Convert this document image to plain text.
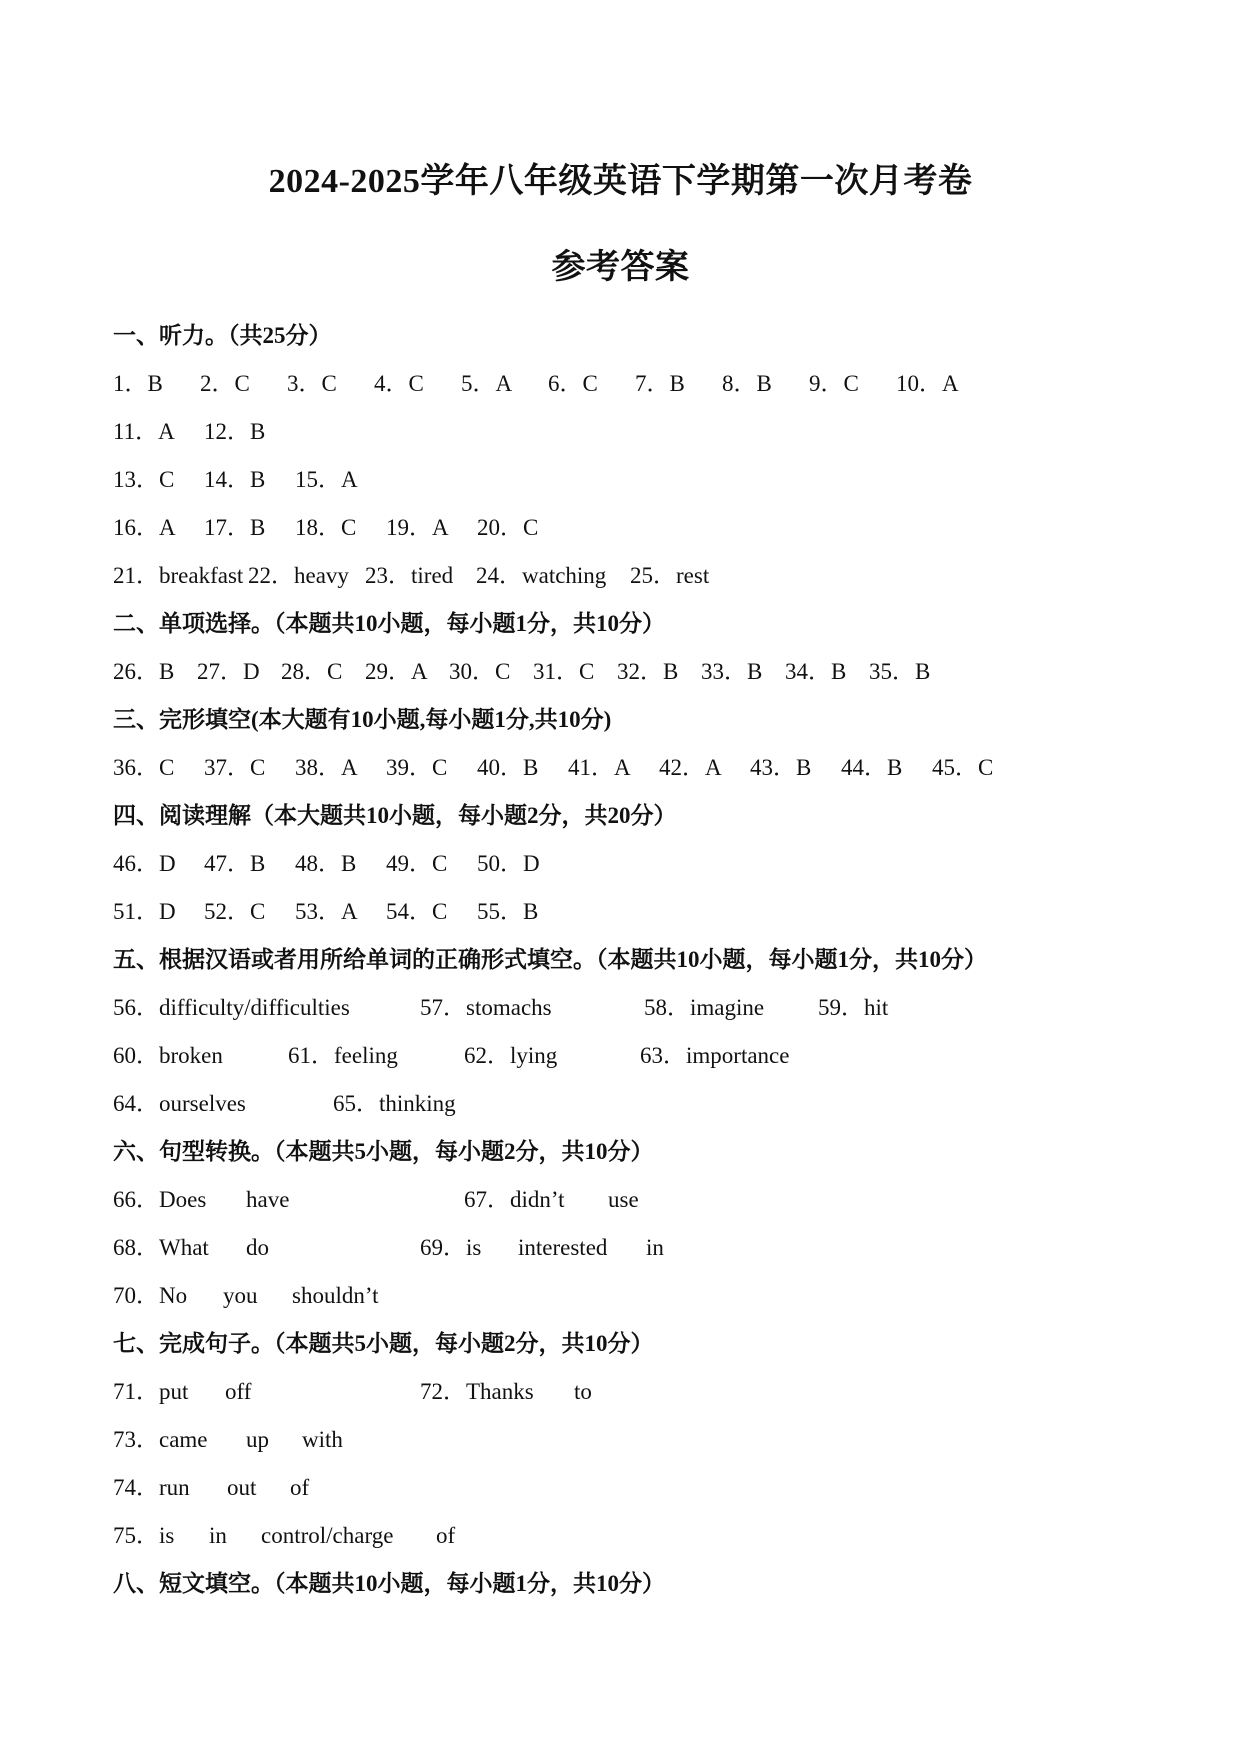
2024-2025学年八年级英语下学期第一次月考卷
参考答案
一、听力。（共25分）
1．B 2．C 3．C 4．C 5．A 6．C 7．B 8．B 9．C 10．A
11．A 12．B
13．C 14．B 15．A
16．A 17．B 18．C 19．A 20．C
21．breakfast 22．heavy 23．tired 24．watching 25．rest
二、单项选择。（本题共10小题，每小题1分，共10分）
26．B 27．D 28．C 29．A 30．C 31．C 32．B 33．B 34．B 35．B
三、完形填空(本大题有10小题,每小题1分,共10分)
36．C 37．C 38．A 39．C 40．B 41．A 42．A 43．B 44．B 45．C
四、阅读理解（本大题共10小题，每小题2分，共20分）
46．D 47．B 48．B 49．C 50．D
51．D 52．C 53．A 54．C 55．B
五、根据汉语或者用所给单词的正确形式填空。（本题共10小题，每小题1分，共10分）
56．difficulty/difficulties	57．stomachs	58．imagine 59．hit
60．broken	61．feeling	62．lying	63．importance
64．ourselves	65．thinking
六、句型转换。（本题共5小题，每小题2分，共10分）
66．Does have	67．didn’t use
68．What do	69．is interested in
70．No you shouldn’t
七、完成句子。（本题共5小题，每小题2分，共10分）
71．put off	72．Thanks to
73．came up with
74．run out of
75．is in control/charge of
八、短文填空。（本题共10小题，每小题1分，共10分）
